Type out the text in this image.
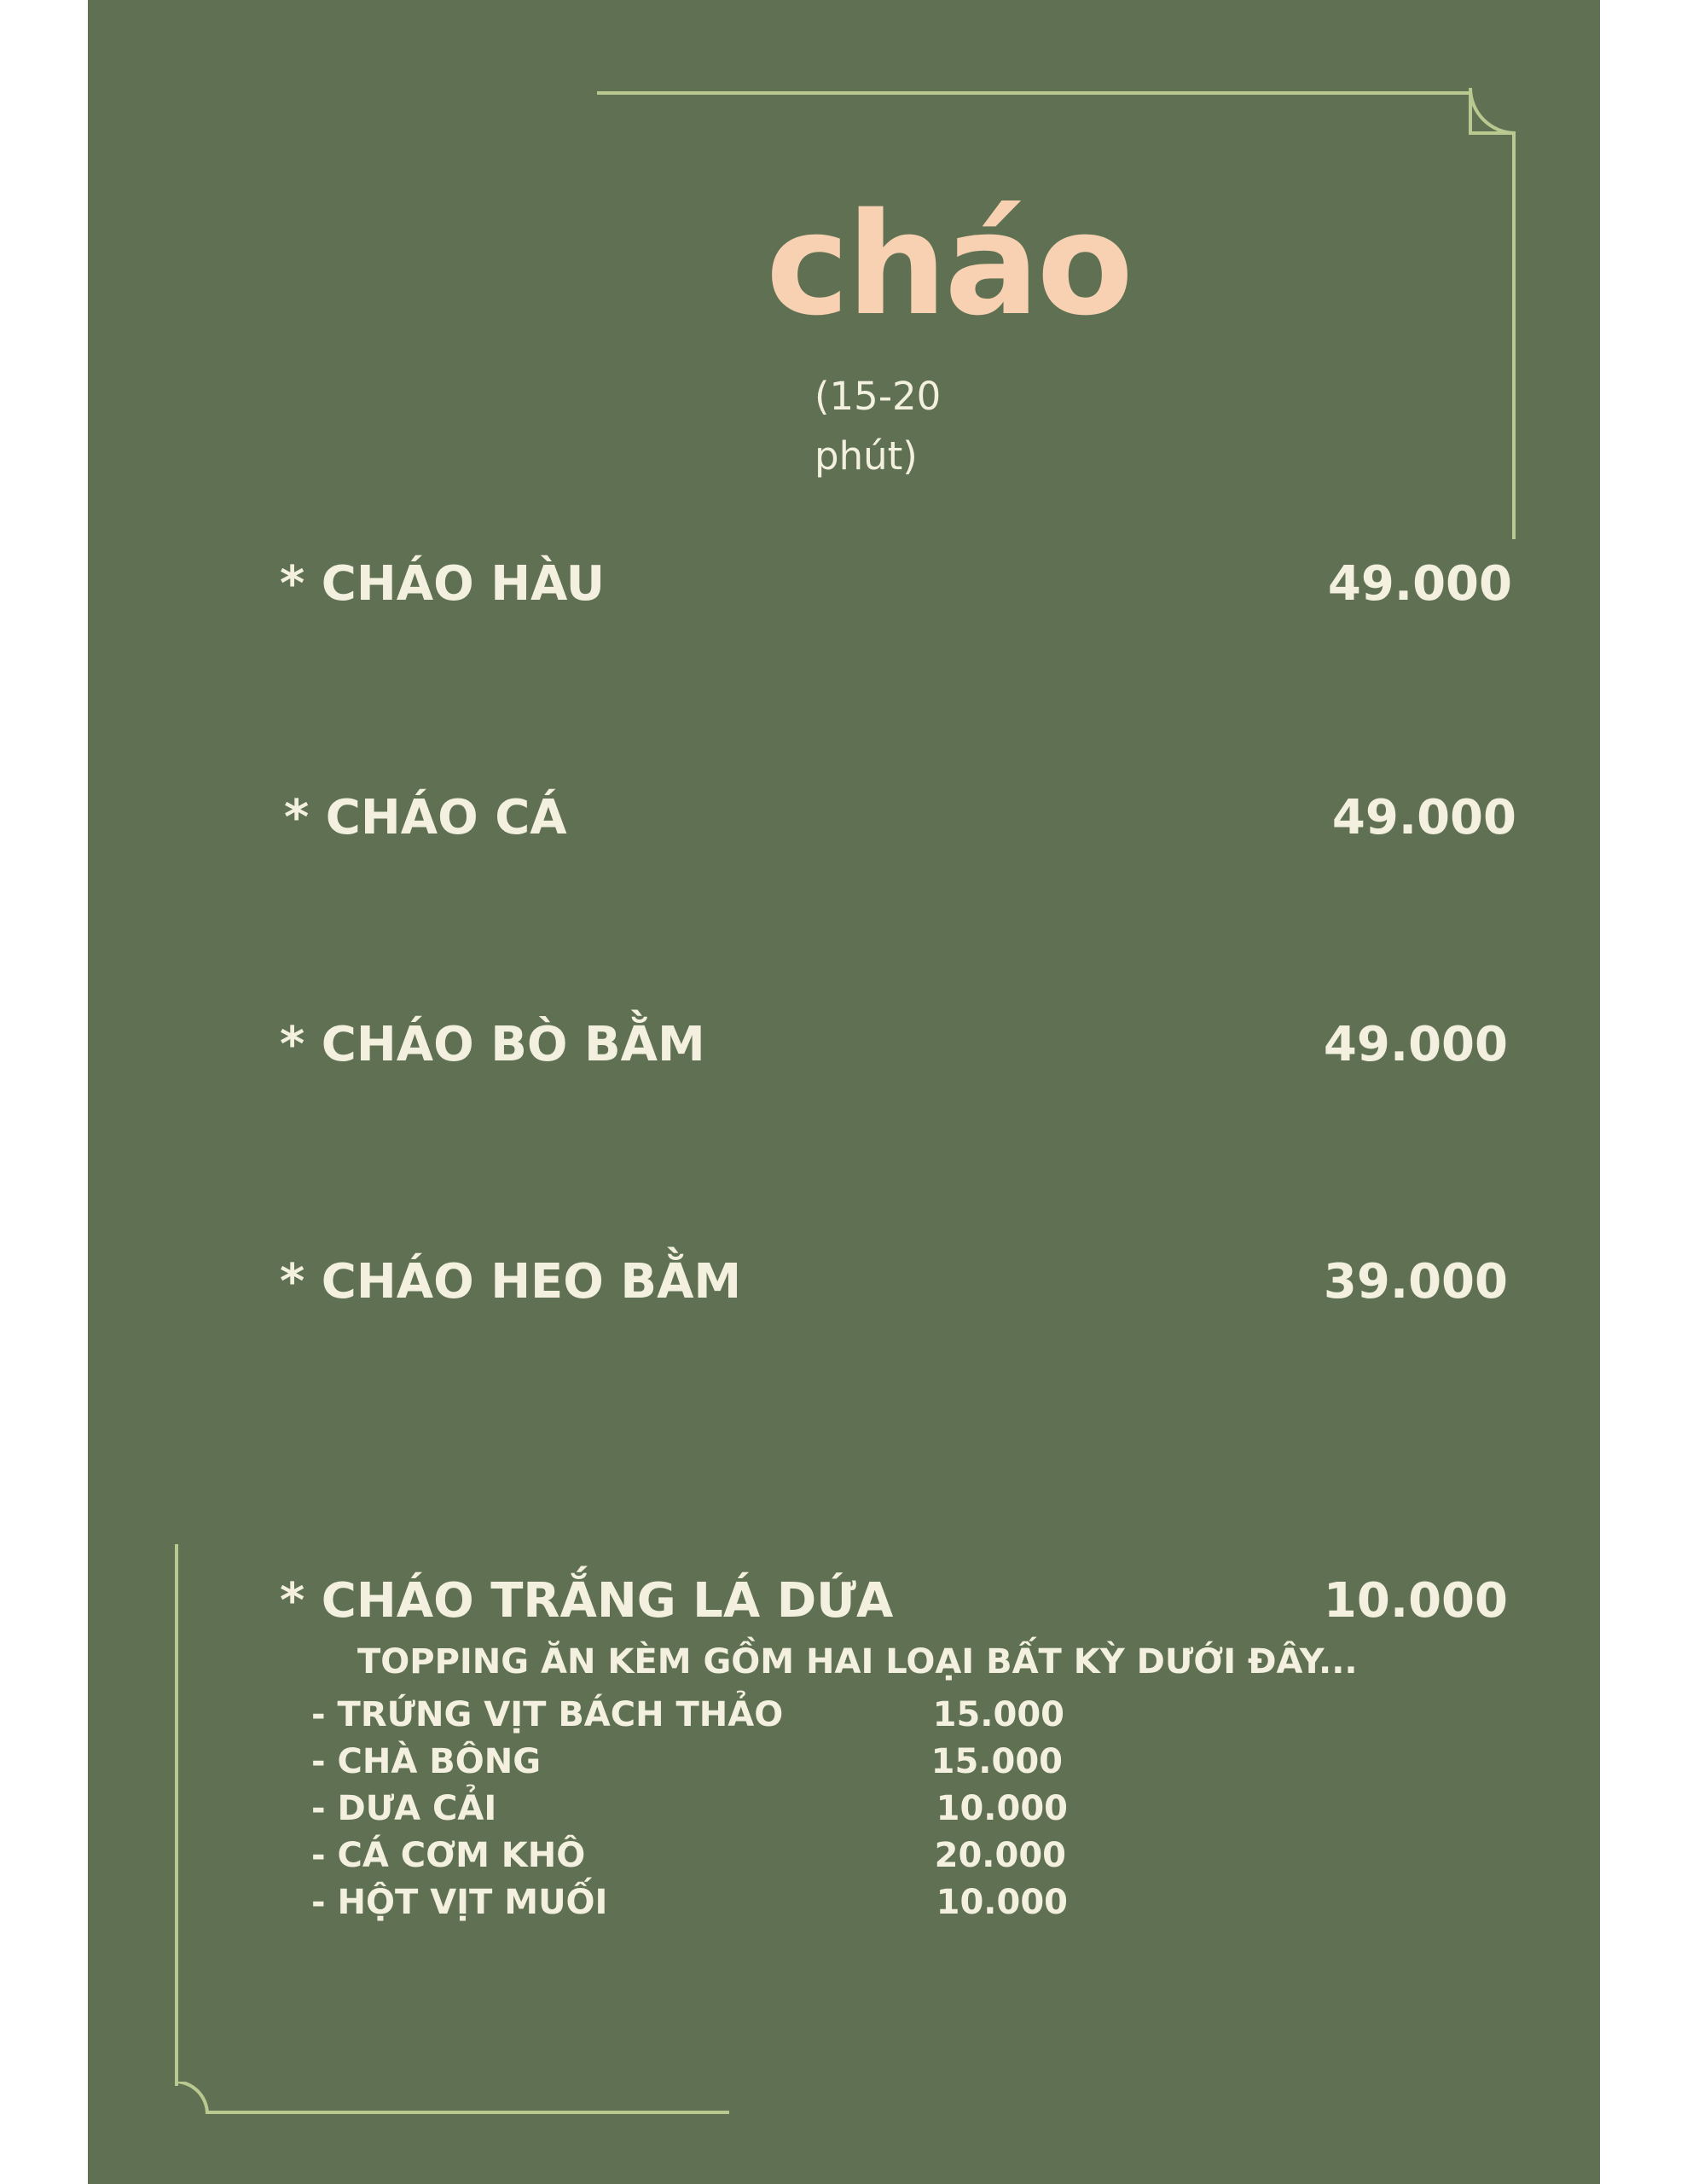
cháo
(15-20 phút)
* CHÁO HÀU	49.000
* CHÁO CÁ	49.000
* CHÁO BÒ BẰM	49.000
* CHÁO HEO BẰM	39.000
* CHÁO TRẮNG LÁ DỨA	10.000
TOPPING ĂN KÈM GỒM HAI LOẠI BẤT KỲ DƯỚI ĐÂY...
- TRỨNG VỊT BÁCH THẢO	15.000
- CHÀ BÔNG	15.000
- DƯA CẢI	10.000
- CÁ CƠM KHÔ	20.000
- HỘT VỊT MUỐI	10.000
